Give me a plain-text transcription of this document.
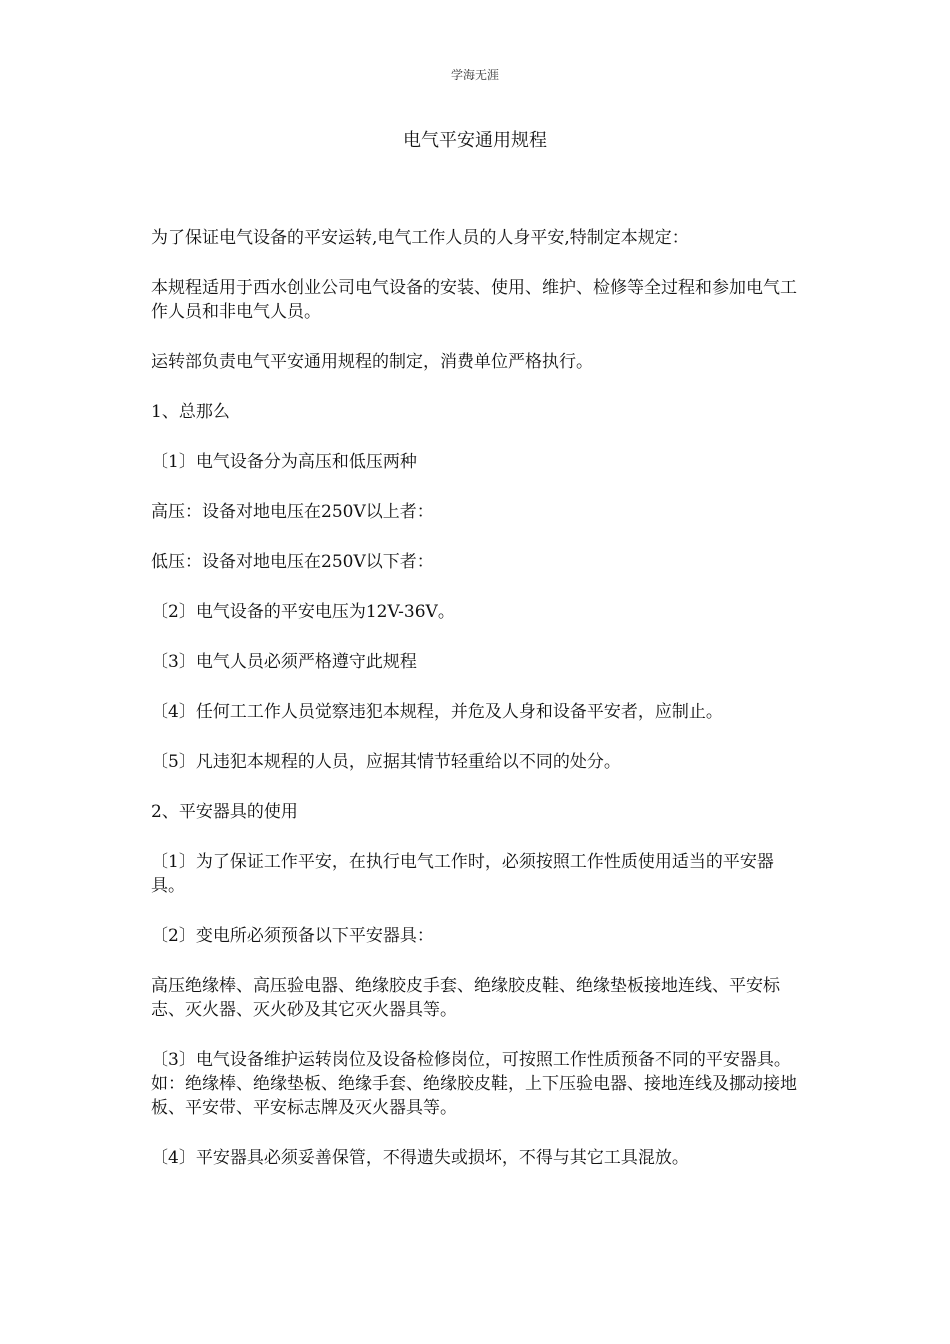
学海无涯
电气平安通用规程

为了保证电气设备的平安运转,电气工作人员的人身平安,特制定本规定：

本规程适用于西水创业公司电气设备的安装、使用、维护、检修等全过程和参加电气工作人员和非电气人员。

运转部负责电气平安通用规程的制定，消费单位严格执行。

1、总那么

〔1〕电气设备分为高压和低压两种

高压：设备对地电压在250V以上者：

低压：设备对地电压在250V以下者：

〔2〕电气设备的平安电压为12V-36V。

〔3〕电气人员必须严格遵守此规程

〔4〕任何工工作人员觉察违犯本规程，并危及人身和设备平安者，应制止。

〔5〕凡违犯本规程的人员，应据其情节轻重给以不同的处分。

2、平安器具的使用

〔1〕为了保证工作平安，在执行电气工作时，必须按照工作性质使用适当的平安器具。

〔2〕变电所必须预备以下平安器具：

高压绝缘棒、高压验电器、绝缘胶皮手套、绝缘胶皮鞋、绝缘垫板接地连线、平安标志、灭火器、灭火砂及其它灭火器具等。

〔3〕电气设备维护运转岗位及设备检修岗位，可按照工作性质预备不同的平安器具。如：绝缘棒、绝缘垫板、绝缘手套、绝缘胶皮鞋，上下压验电器、接地连线及挪动接地板、平安带、平安标志牌及灭火器具等。

〔4〕平安器具必须妥善保管，不得遗失或损坏，不得与其它工具混放。
